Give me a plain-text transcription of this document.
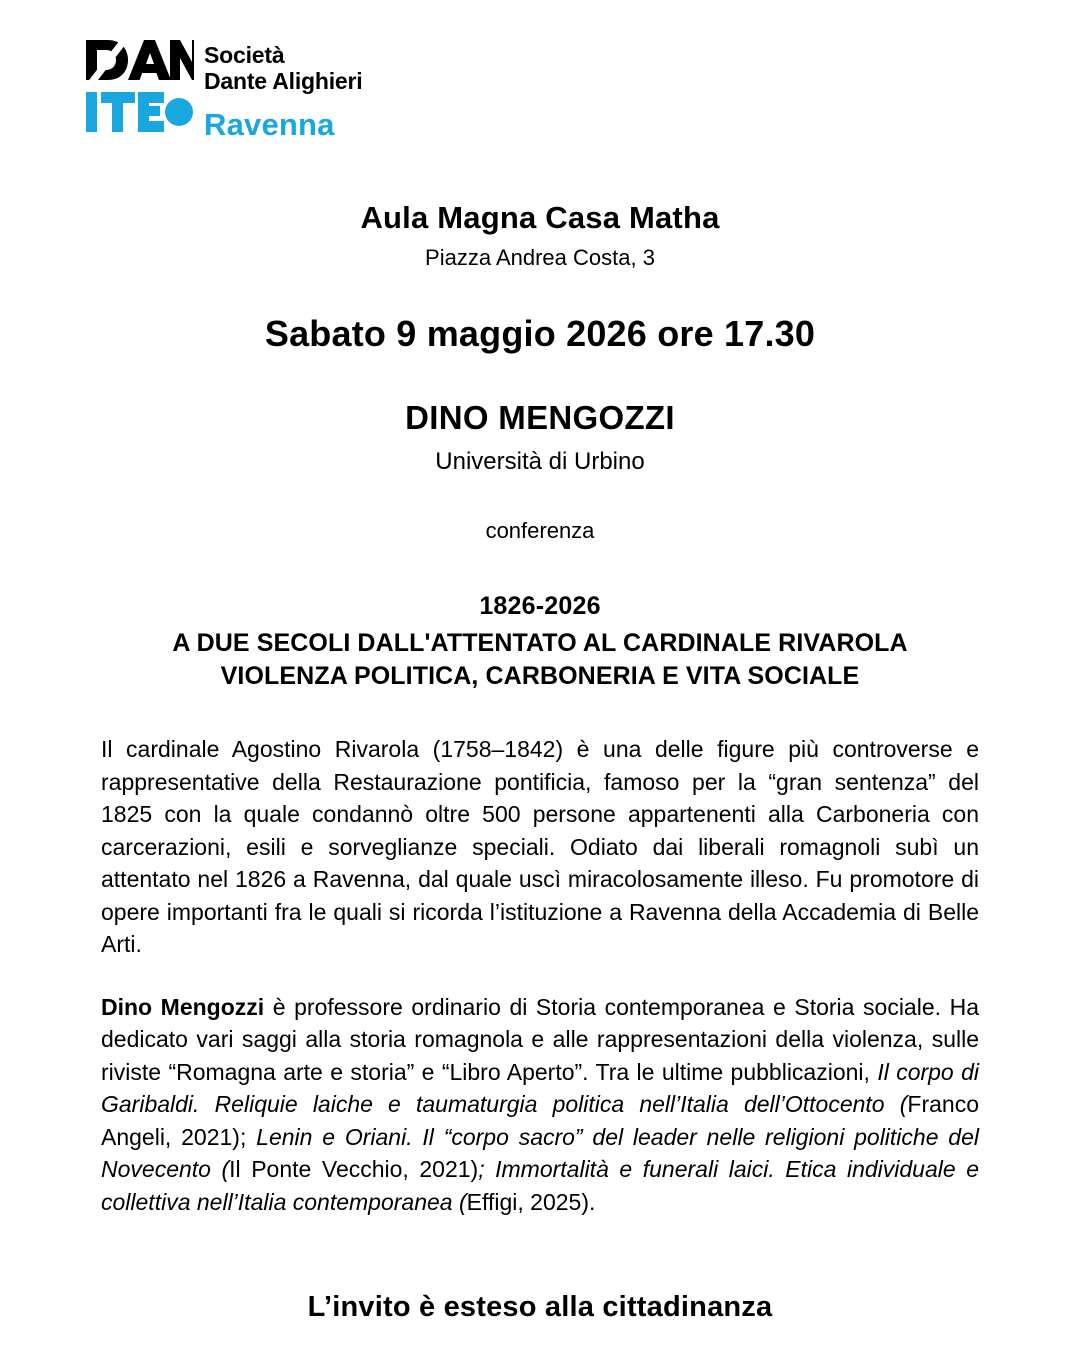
Società
Dante Alighieri
Ravenna
Aula Magna Casa Matha
Piazza Andrea Costa, 3
Sabato 9 maggio 2026 ore 17.30
DINO MENGOZZI
Università di Urbino
conferenza
1826-2026
A DUE SECOLI DALL'ATTENTATO AL CARDINALE RIVAROLA
VIOLENZA POLITICA, CARBONERIA E VITA SOCIALE
Il cardinale Agostino Rivarola (1758–1842) è una delle figure più controverse e rappresentative della Restaurazione pontificia, famoso per la “gran sentenza” del 1825 con la quale condannò oltre 500 persone appartenenti alla Carboneria con carcerazioni, esili e sorveglianze speciali. Odiato dai liberali romagnoli subì un attentato nel 1826 a Ravenna, dal quale uscì miracolosamente illeso. Fu promotore di opere importanti fra le quali si ricorda l’istituzione a Ravenna della Accademia di Belle Arti.
Dino Mengozzi è professore ordinario di Storia contemporanea e Storia sociale. Ha dedicato vari saggi alla storia romagnola e alle rappresentazioni della violenza, sulle riviste “Romagna arte e storia” e “Libro Aperto”. Tra le ultime pubblicazioni, Il corpo di Garibaldi. Reliquie laiche e taumaturgia politica nell’Italia dell’Ottocento (Franco Angeli, 2021); Lenin e Oriani. Il “corpo sacro” del leader nelle religioni politiche del Novecento (Il Ponte Vecchio, 2021); Immortalità e funerali laici. Etica individuale e collettiva nell’Italia contemporanea (Effigi, 2025).
L’invito è esteso alla cittadinanza
